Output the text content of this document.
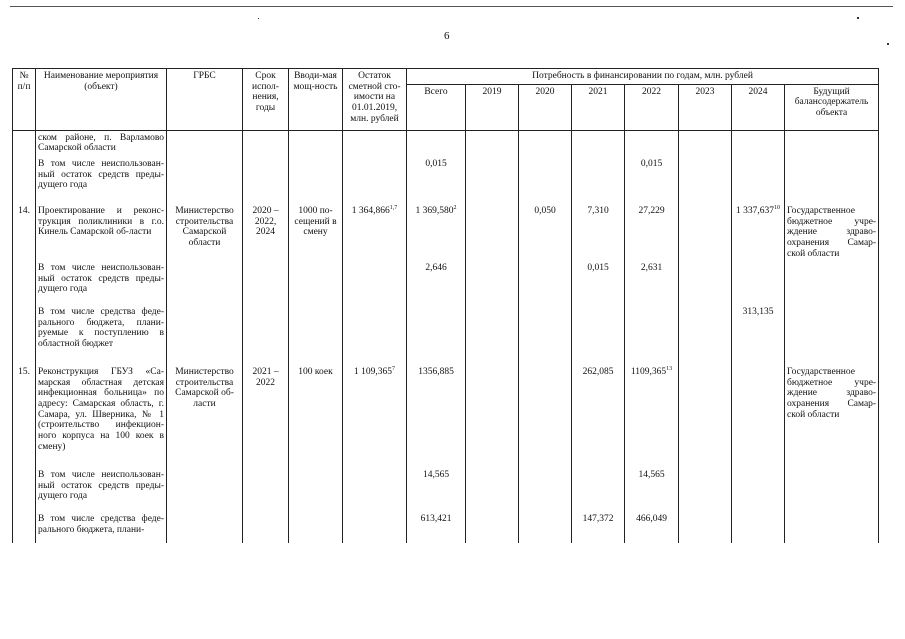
6
№ п/п	Наименование мероприятия (объект)	ГРБС	Срок испол-нения, годы	Вводи-мая мощ-ность	Остаток сметной сто-имости на 01.01.2019, млн. рублей	Потребность в финансировании по годам, млн. рублей							
						Всего	2019	2020	2021	2022	2023	2024	Будущий балансодержатель объекта
	ском районе, п. Варламово Самарской области												
	В том числе неиспользован-ный остаток средств преды-дущего года					0,015				0,015			
14.	Проектирование и реконс-трукция поликлиники в г.о. Кинель Самарской об-ласти	Министерство строительства Самарской области	2020 – 2022, 2024	1000 по-сещений в смену	1 364,866$^{1,7}$	1 369,580$^2$		0,050	7,310	27,229		1 337,637$^{10}$	Государственное бюджетное учре-ждение здраво-охранения Самар-ской области
	В том числе неиспользован-ный остаток средств преды-дущего года					2,646			0,015	2,631			
	В том числе средства феде-рального бюджета, плани-руемые к поступлению в областной бюджет											313,135	
15.	Реконструкция ГБУЗ «Са-марская областная детская инфекционная больница» по адресу: Самарская область, г. Самара, ул. Шверника, № 1 (строительство инфекцион-ного корпуса на 100 коек в смену)	Министерство строительства Самарской об-ласти	2021 – 2022	100 коек	1 109,365$^7$	1356,885			262,085	1109,365$^{13}$			Государственное бюджетное учре-ждение здраво-охранения Самар-ской области
	В том числе неиспользован-ный остаток средств преды-дущего года					14,565				14,565			
	В том числе средства феде-рального бюджета, плани-					613,421			147,372	466,049			
